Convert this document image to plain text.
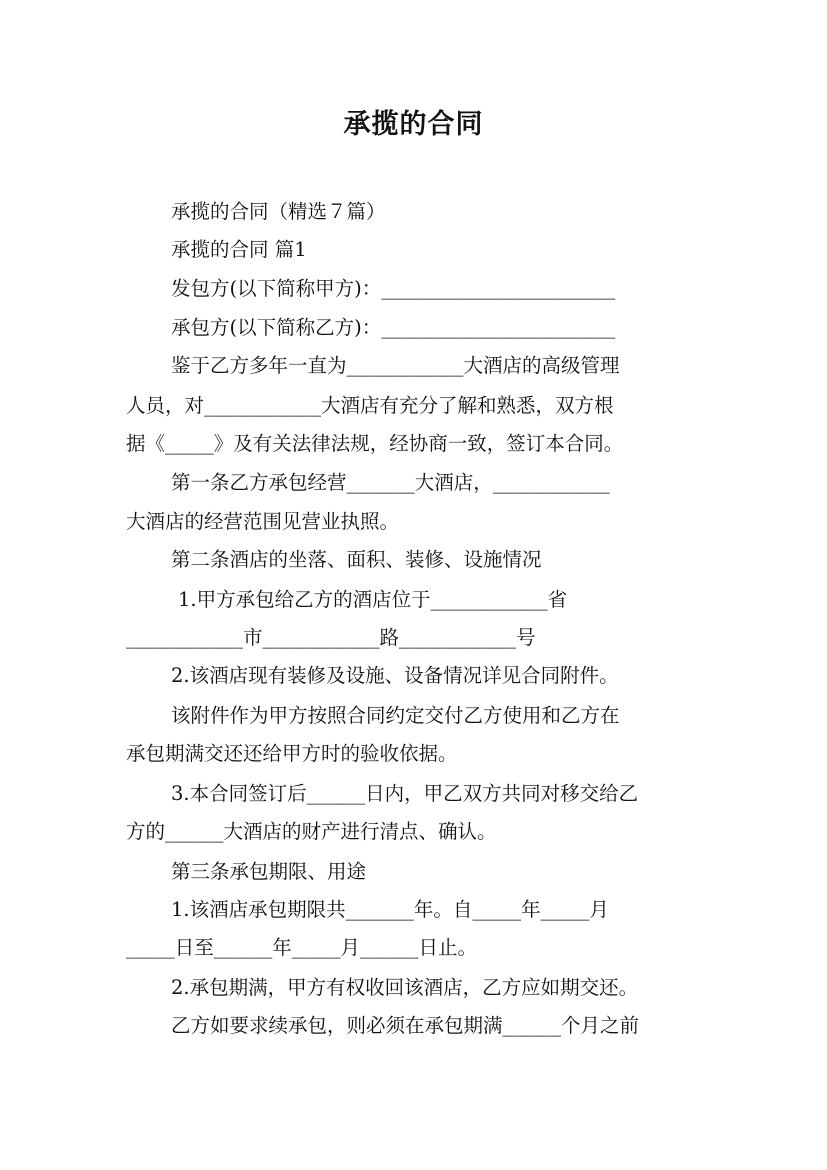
承揽的合同
承揽的合同（精选７篇）
承揽的合同 篇1
发包方(以下简称甲方)：________________________
承包方(以下简称乙方)：________________________
鉴于乙方多年一直为____________大酒店的高级管理
人员，对____________大酒店有充分了解和熟悉，双方根
据《_____》及有关法律法规，经协商一致，签订本合同。
第一条乙方承包经营_______大酒店，____________
大酒店的经营范围见营业执照。
第二条酒店的坐落、面积、装修、设施情况
1.甲方承包给乙方的酒店位于____________省
____________市____________路____________号
2.该酒店现有装修及设施、设备情况详见合同附件。
该附件作为甲方按照合同约定交付乙方使用和乙方在
承包期满交还还给甲方时的验收依据。
3.本合同签订后______日内，甲乙双方共同对移交给乙
方的______大酒店的财产进行清点、确认。
第三条承包期限、用途
1.该酒店承包期限共_______年。自_____年_____月
_____日至______年_____月______日止。
2.承包期满，甲方有权收回该酒店，乙方应如期交还。
乙方如要求续承包，则必须在承包期满______个月之前
